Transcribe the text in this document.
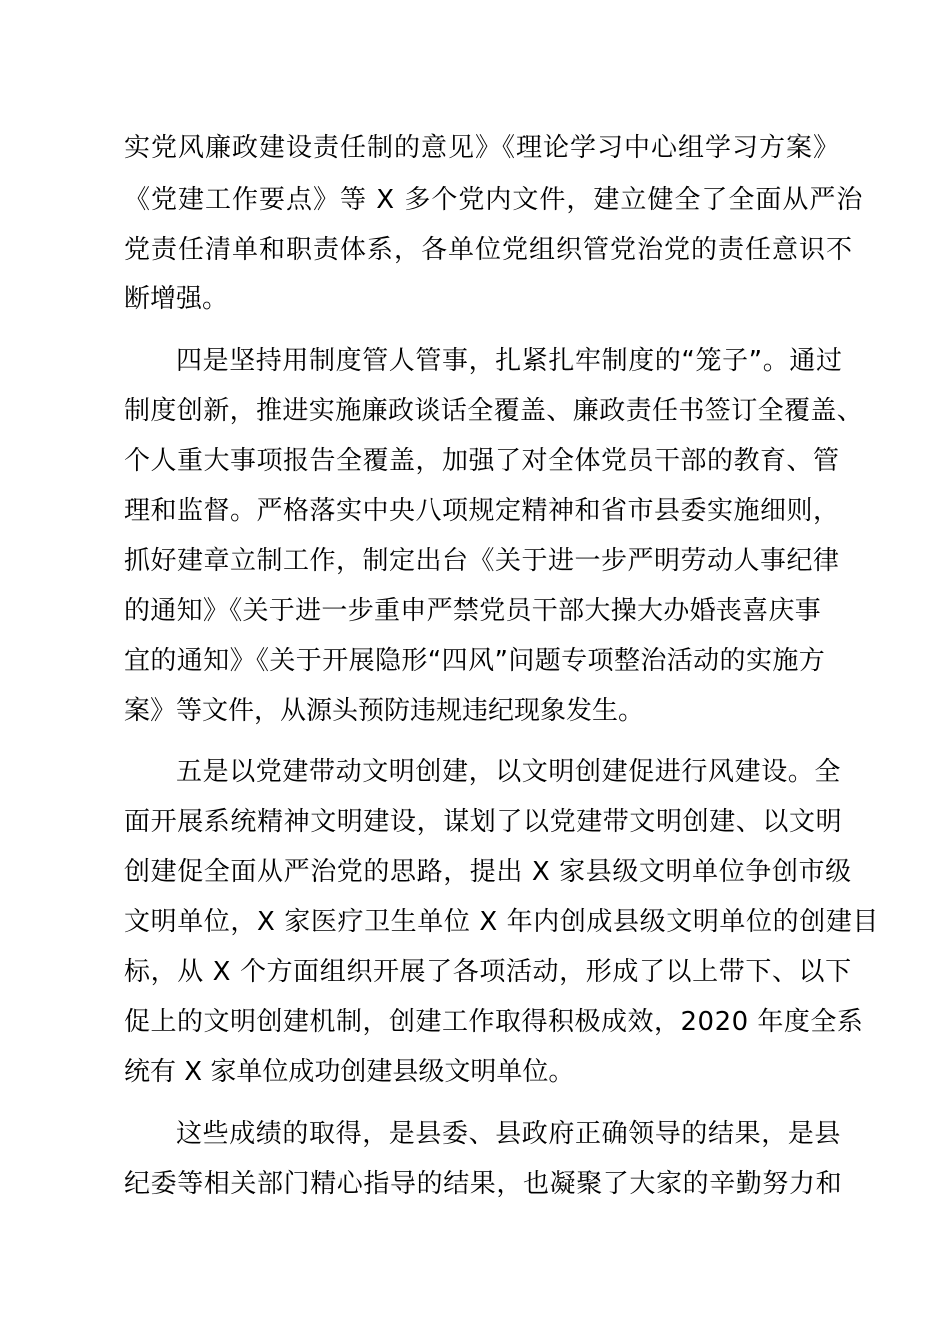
实党风廉政建设责任制的意见》《理论学习中心组学习方案》
《党建工作要点》等 X 多个党内文件，建立健全了全面从严治
党责任清单和职责体系，各单位党组织管党治党的责任意识不
断增强。
四是坚持用制度管人管事，扎紧扎牢制度的“笼子”。通过
制度创新，推进实施廉政谈话全覆盖、廉政责任书签订全覆盖、
个人重大事项报告全覆盖，加强了对全体党员干部的教育、管
理和监督。严格落实中央八项规定精神和省市县委实施细则，
抓好建章立制工作，制定出台《关于进一步严明劳动人事纪律
的通知》《关于进一步重申严禁党员干部大操大办婚丧喜庆事
宜的通知》《关于开展隐形“四风”问题专项整治活动的实施方
案》等文件，从源头预防违规违纪现象发生。
五是以党建带动文明创建，以文明创建促进行风建设。全
面开展系统精神文明建设，谋划了以党建带文明创建、以文明
创建促全面从严治党的思路，提出 X 家县级文明单位争创市级
文明单位，X 家医疗卫生单位 X 年内创成县级文明单位的创建目
标，从 X 个方面组织开展了各项活动，形成了以上带下、以下
促上的文明创建机制，创建工作取得积极成效，2020 年度全系
统有 X 家单位成功创建县级文明单位。
这些成绩的取得，是县委、县政府正确领导的结果，是县
纪委等相关部门精心指导的结果，也凝聚了大家的辛勤努力和
